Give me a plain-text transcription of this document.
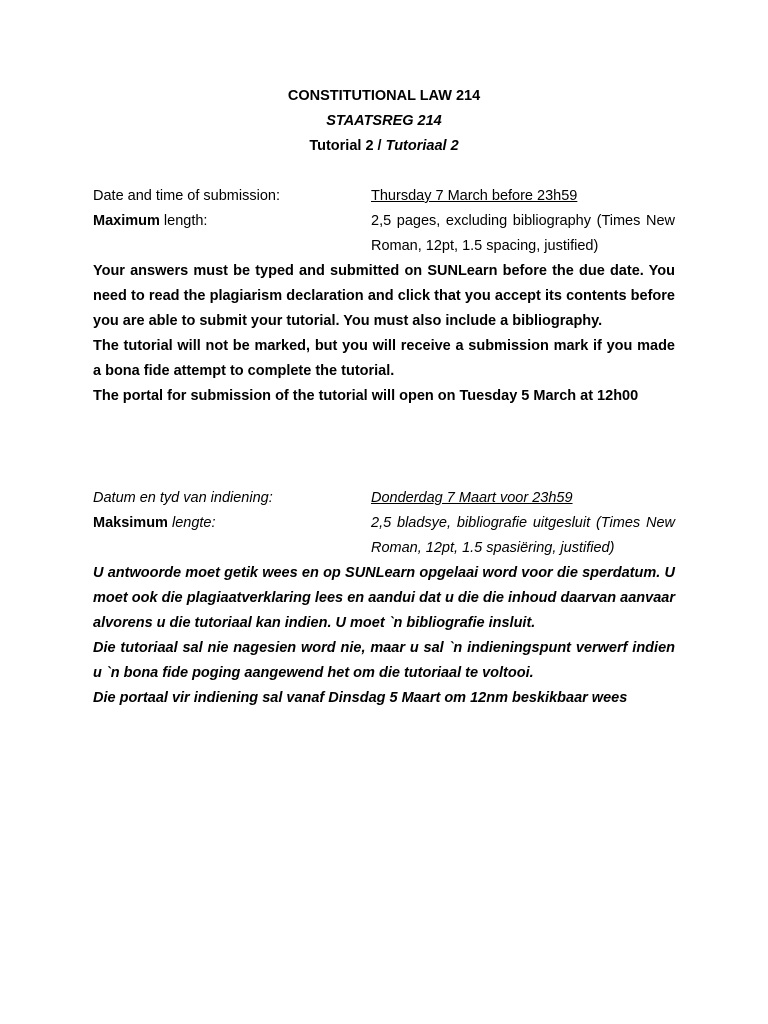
CONSTITUTIONAL LAW 214
STAATSREG 214
Tutorial 2 / Tutoriaal 2
Date and time of submission:	Thursday 7 March before 23h59
Maximum length:	2,5 pages, excluding bibliography (Times New Roman, 12pt, 1.5 spacing, justified)

Your answers must be typed and submitted on SUNLearn before the due date. You need to read the plagiarism declaration and click that you accept its contents before you are able to submit your tutorial. You must also include a bibliography.

The tutorial will not be marked, but you will receive a submission mark if you made a bona fide attempt to complete the tutorial.

The portal for submission of the tutorial will open on Tuesday 5 March at 12h00

Datum en tyd van indiening:	Donderdag 7 Maart voor 23h59
Maksimum lengte:	2,5 bladsye, bibliografie uitgesluit (Times New Roman, 12pt, 1.5 spasiëring, justified)

U antwoorde moet getik wees en op SUNLearn opgelaai word voor die sperdatum. U moet ook die plagiaatverklaring lees en aandui dat u die die inhoud daarvan aanvaar alvorens u die tutoriaal kan indien. U moet `n bibliografie insluit.

Die tutoriaal sal nie nagesien word nie, maar u sal `n indieningspunt verwerf indien u `n bona fide poging aangewend het om die tutoriaal te voltooi.

Die portaal vir indiening sal vanaf Dinsdag 5 Maart om 12nm beskikbaar wees
